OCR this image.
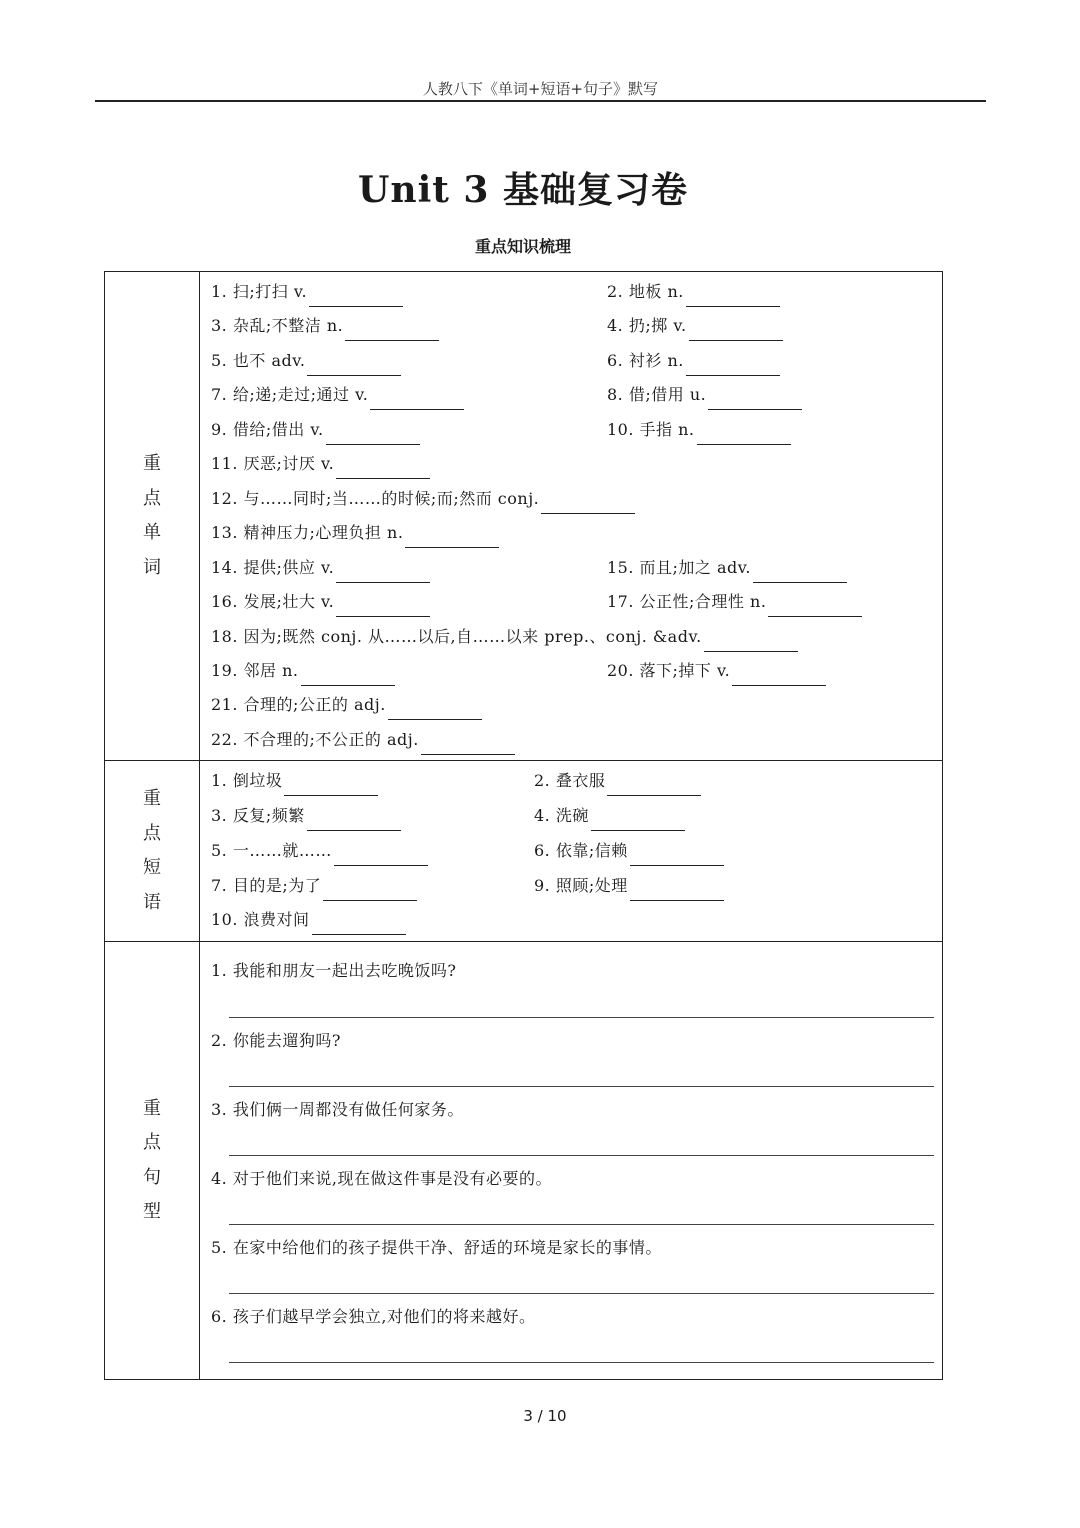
人教八下《单词+短语+句子》默写
Unit 3 基础复习卷
重点知识梳理
重点单词
1. 扫;打扫 v.	2. 地板 n.
3. 杂乱;不整洁 n.	4. 扔;掷 v.
5. 也不 adv.	6. 衬衫 n.
7. 给;递;走过;通过 v.	8. 借;借用 u.
9. 借给;借出 v.	10. 手指 n.
11. 厌恶;讨厌 v.
12. 与……同时;当……的时候;而;然而 conj.
13. 精神压力;心理负担 n.
14. 提供;供应 v.	15. 而且;加之 adv.
16. 发展;壮大 v.	17. 公正性;合理性 n.
18. 因为;既然 conj. 从……以后,自……以来 prep.、conj. &adv.
19. 邻居 n.	20. 落下;掉下 v.
21. 合理的;公正的 adj.
22. 不合理的;不公正的 adj.
重点短语
1. 倒垃圾	2. 叠衣服
3. 反复;频繁	4. 洗碗
5. 一……就……	6. 依靠;信赖
7. 目的是;为了	9. 照顾;处理
10. 浪费对间
重点句型
1. 我能和朋友一起出去吃晚饭吗?
2. 你能去遛狗吗?
3. 我们俩一周都没有做任何家务。
4. 对于他们来说,现在做这件事是没有必要的。
5. 在家中给他们的孩子提供干净、舒适的环境是家长的事情。
6. 孩子们越早学会独立,对他们的将来越好。
3 / 10
